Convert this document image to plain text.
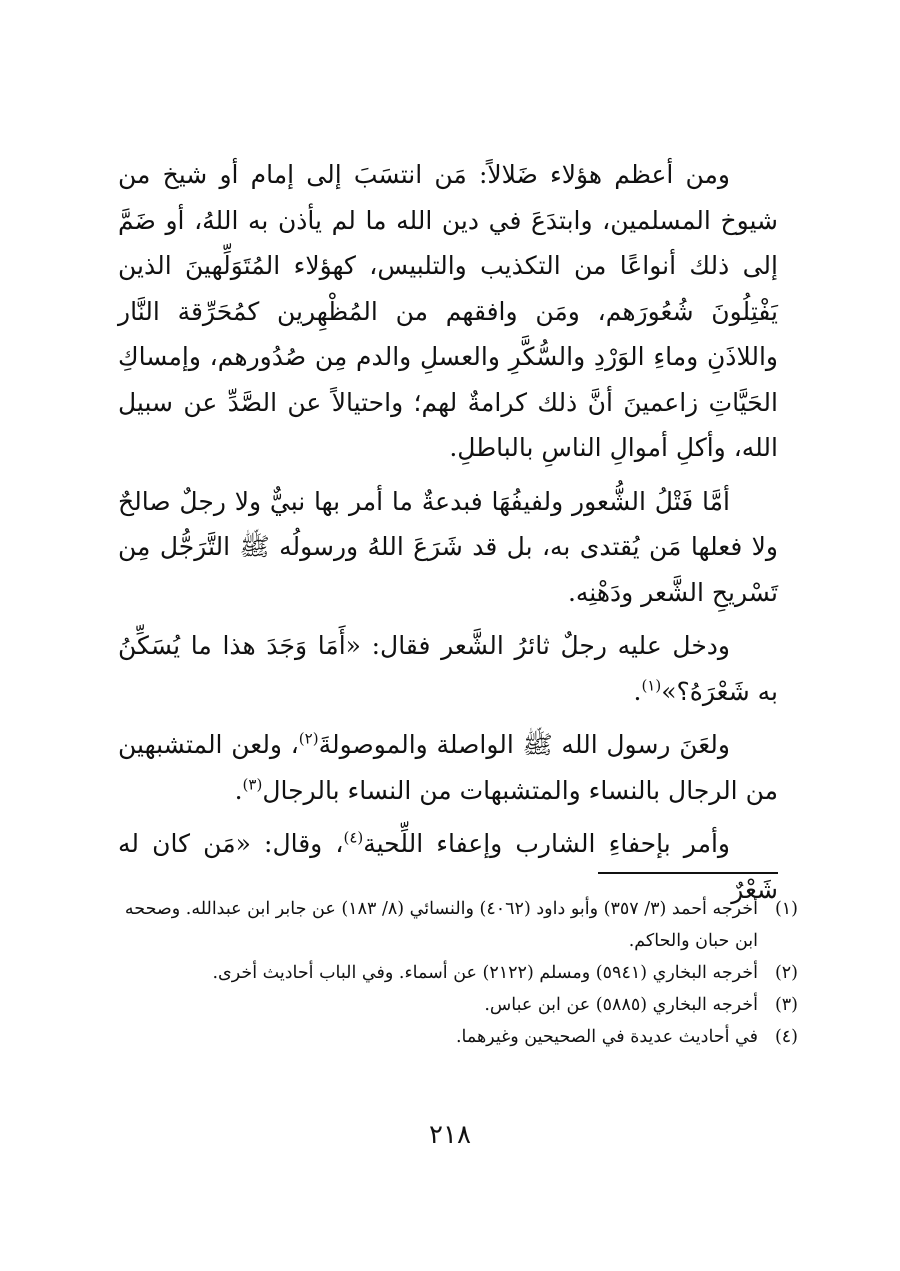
ومن أعظم هؤلاء ضَلالاً: مَن انتسَبَ إلى إمام أو شيخ من شيوخ المسلمين، وابتدَعَ في دين الله ما لم يأذن به اللهُ، أو ضَمَّ إلى ذلك أنواعًا من التكذيب والتلبيس، كهؤلاء المُتَوَلِّهينَ الذين يَفْتِلُونَ شُعُورَهم، ومَن وافقهم من المُظْهِرين كمُحَرِّقة النَّار واللاذَنِ وماءِ الوَرْدِ والسُّكَّرِ والعسلِ والدم مِن صُدُورهم، وإمساكِ الحَيَّاتِ زاعمينَ أنَّ ذلك كرامةٌ لهم؛ واحتيالاً عن الصَّدِّ عن سبيل الله، وأكلِ أموالِ الناسِ بالباطلِ.

أمَّا فَتْلُ الشُّعور ولفيفُهَا فبدعةٌ ما أمر بها نبيٌّ ولا رجلٌ صالحٌ ولا فعلها مَن يُقتدى به، بل قد شَرَعَ اللهُ ورسولُه ﷺ التَّرَجُّل مِن تَسْريحِ الشَّعر ودَهْنِه.

ودخل عليه رجلٌ ثائرُ الشَّعر فقال: «أَمَا وَجَدَ هذا ما يُسَكِّنُ به شَعْرَهُ؟»$^{(١)}$.

ولعَنَ رسول الله ﷺ الواصلة والموصولةَ$^{(٢)}$، ولعن المتشبهين من الرجال بالنساء والمتشبهات من النساء بالرجال$^{(٣)}$.

وأمر بإحفاءِ الشارب وإعفاء اللِّحية$^{(٤)}$، وقال: «مَن كان له شَعْرٌ

(١)
أخرجه أحمد (٣/ ٣٥٧) وأبو داود (٤٠٦٢) والنسائي (٨/ ١٨٣) عن جابر ابن عبدالله. وصححه ابن حبان والحاكم.

(٢)
أخرجه البخاري (٥٩٤١) ومسلم (٢١٢٢) عن أسماء. وفي الباب أحاديث أخرى.

(٣)
أخرجه البخاري (٥٨٨٥) عن ابن عباس.

(٤)
في أحاديث عديدة في الصحيحين وغيرهما.

٢١٨
